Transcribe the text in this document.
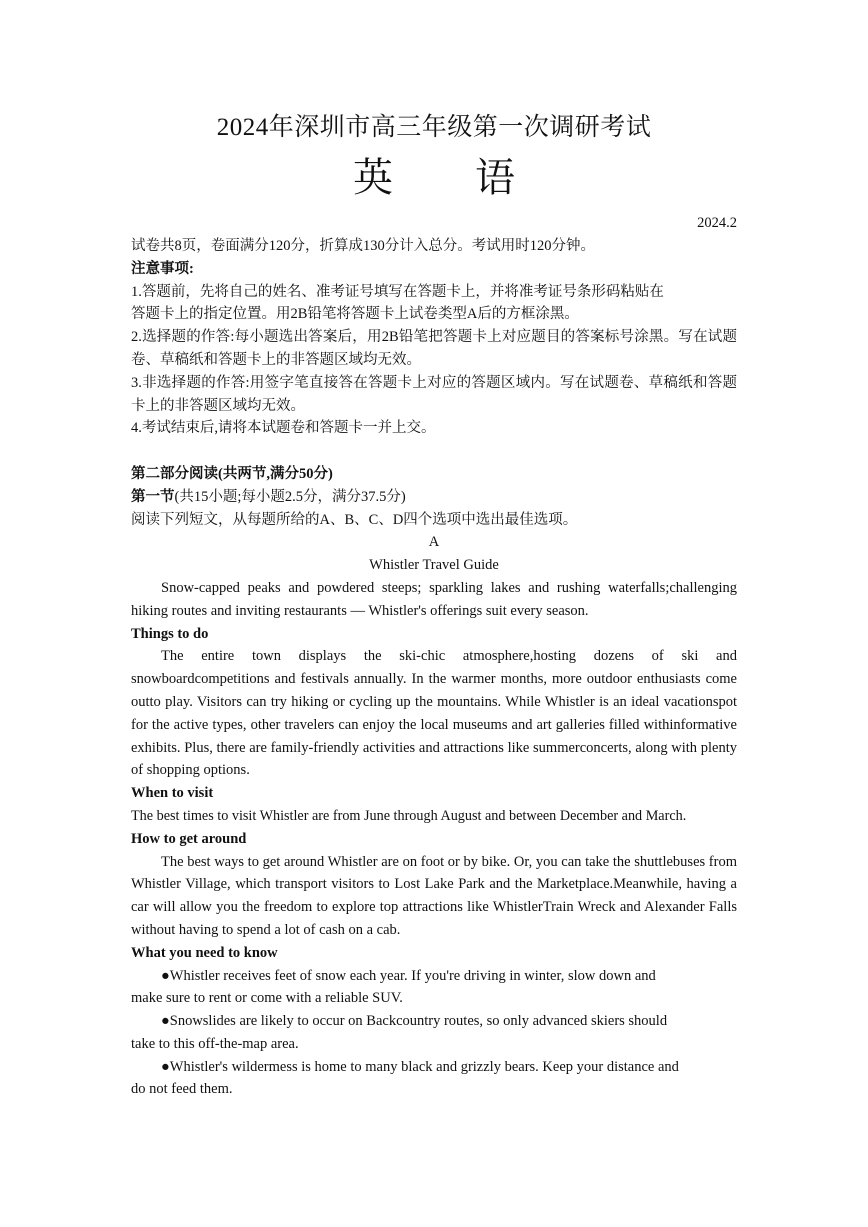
2024年深圳市高三年级第一次调研考试
英 语
2024.2

试卷共8页，卷面满分120分，折算成130分计入总分。考试用时120分钟。

注意事项:

1.答题前，先将自己的姓名、准考证号填写在答题卡上，并将准考证号条形码粘贴在

答题卡上的指定位置。用2B铅笔将答题卡上试卷类型A后的方框涂黑。

2.选择题的作答:每小题选出答案后，用2B铅笔把答题卡上对应题目的答案标号涂黑。写在试题卷、草稿纸和答题卡上的非答题区域均无效。

3.非选择题的作答:用签字笔直接答在答题卡上对应的答题区域内。写在试题卷、草稿纸和答题卡上的非答题区域均无效。

4.考试结束后,请将本试题卷和答题卡一并上交。

第二部分阅读(共两节,满分50分)

第一节(共15小题;每小题2.5分，满分37.5分)

阅读下列短文，从每题所给的A、B、C、D四个选项中选出最佳选项。

A

Whistler Travel Guide

Snow-capped peaks and powdered steeps; sparkling lakes and rushing waterfalls;challenging hiking routes and inviting restaurants — Whistler's offerings suit every season.

Things to do

The entire town displays the ski-chic atmosphere,hosting dozens of ski and snowboardcompetitions and festivals annually. In the warmer months, more outdoor enthusiasts come outto play. Visitors can try hiking or cycling up the mountains. While Whistler is an ideal vacationspot for the active types, other travelers can enjoy the local museums and art galleries filled withinformative exhibits. Plus, there are family-friendly activities and attractions like summerconcerts, along with plenty of shopping options.

When to visit

The best times to visit Whistler are from June through August and between December and March.

How to get around

The best ways to get around Whistler are on foot or by bike. Or, you can take the shuttlebuses from Whistler Village, which transport visitors to Lost Lake Park and the Marketplace.Meanwhile, having a car will allow you the freedom to explore top attractions like WhistlerTrain Wreck and Alexander Falls without having to spend a lot of cash on a cab.

What you need to know

●Whistler receives feet of snow each year. If you're driving in winter, slow down and

make sure to rent or come with a reliable SUV.

●Snowslides are likely to occur on Backcountry routes, so only advanced skiers should

take to this off-the-map area.

●Whistler's wildermess is home to many black and grizzly bears. Keep your distance and

do not feed them.
